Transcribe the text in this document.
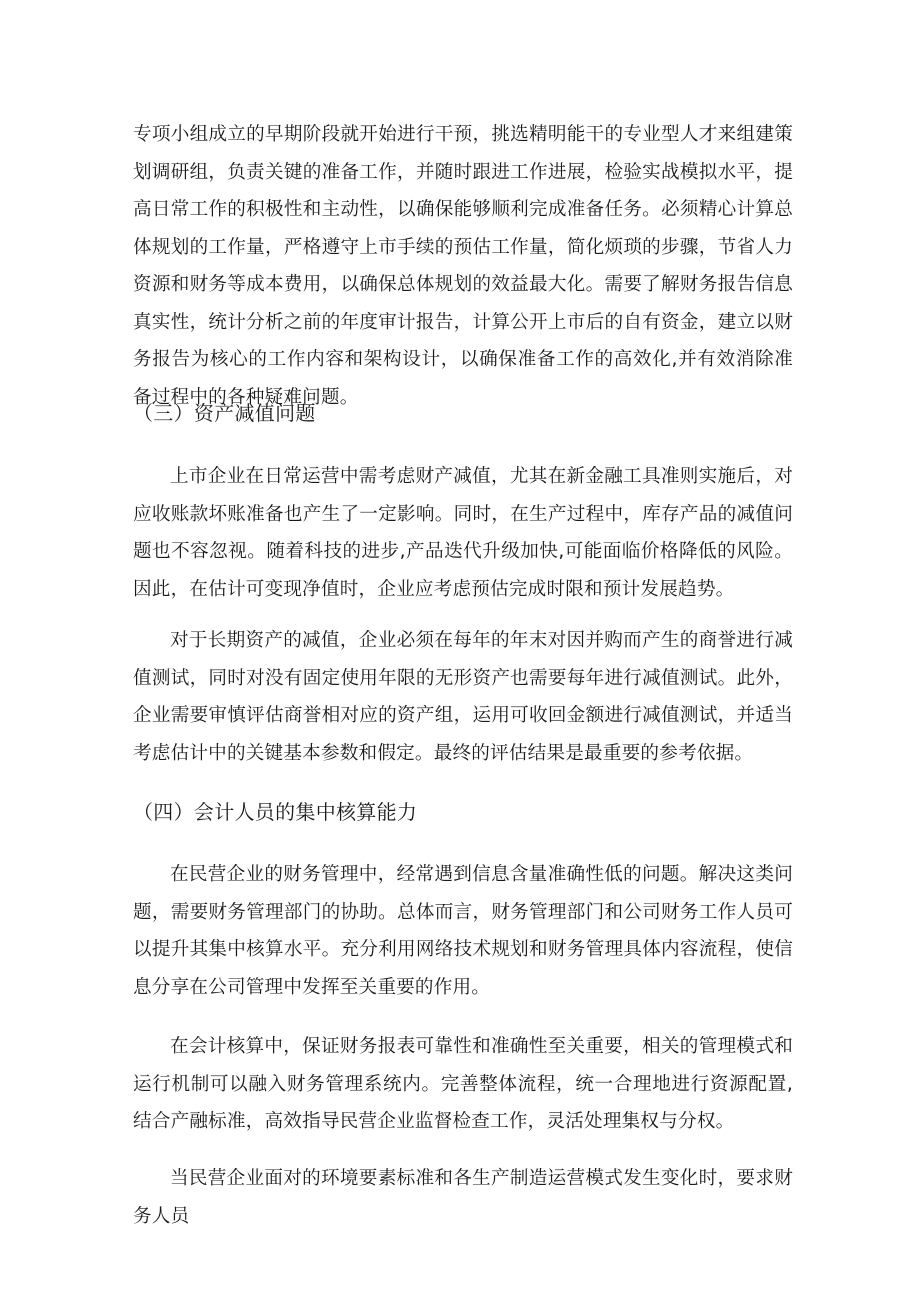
专项小组成立的早期阶段就开始进行干预，挑选精明能干的专业型人才来组建策划调研组，负责关键的准备工作，并随时跟进工作进展，检验实战模拟水平，提高日常工作的积极性和主动性，以确保能够顺利完成准备任务。必须精心计算总体规划的工作量，严格遵守上市手续的预估工作量，简化烦琐的步骤，节省人力资源和财务等成本费用，以确保总体规划的效益最大化。需要了解财务报告信息真实性，统计分析之前的年度审计报告，计算公开上市后的自有资金，建立以财务报告为核心的工作内容和架构设计，以确保准备工作的高效化,并有效消除准备过程中的各种疑难问题。

（三）资产减值问题

上市企业在日常运营中需考虑财产减值，尤其在新金融工具准则实施后，对应收账款坏账准备也产生了一定影响。同时，在生产过程中，库存产品的减值问题也不容忽视。随着科技的进步,产品迭代升级加快,可能面临价格降低的风险。因此，在估计可变现净值时，企业应考虑预估完成时限和预计发展趋势。

对于长期资产的减值，企业必须在每年的年末对因并购而产生的商誉进行减值测试，同时对没有固定使用年限的无形资产也需要每年进行减值测试。此外，企业需要审慎评估商誉相对应的资产组，运用可收回金额进行减值测试，并适当考虑估计中的关键基本参数和假定。最终的评估结果是最重要的参考依据。

（四）会计人员的集中核算能力

在民营企业的财务管理中，经常遇到信息含量准确性低的问题。解决这类问题，需要财务管理部门的协助。总体而言，财务管理部门和公司财务工作人员可以提升其集中核算水平。充分利用网络技术规划和财务管理具体内容流程，使信息分享在公司管理中发挥至关重要的作用。

在会计核算中，保证财务报表可靠性和准确性至关重要，相关的管理模式和运行机制可以融入财务管理系统内。完善整体流程，统一合理地进行资源配置,结合产融标准，高效指导民营企业监督检查工作，灵活处理集权与分权。

当民营企业面对的环境要素标准和各生产制造运营模式发生变化时，要求财务人员
